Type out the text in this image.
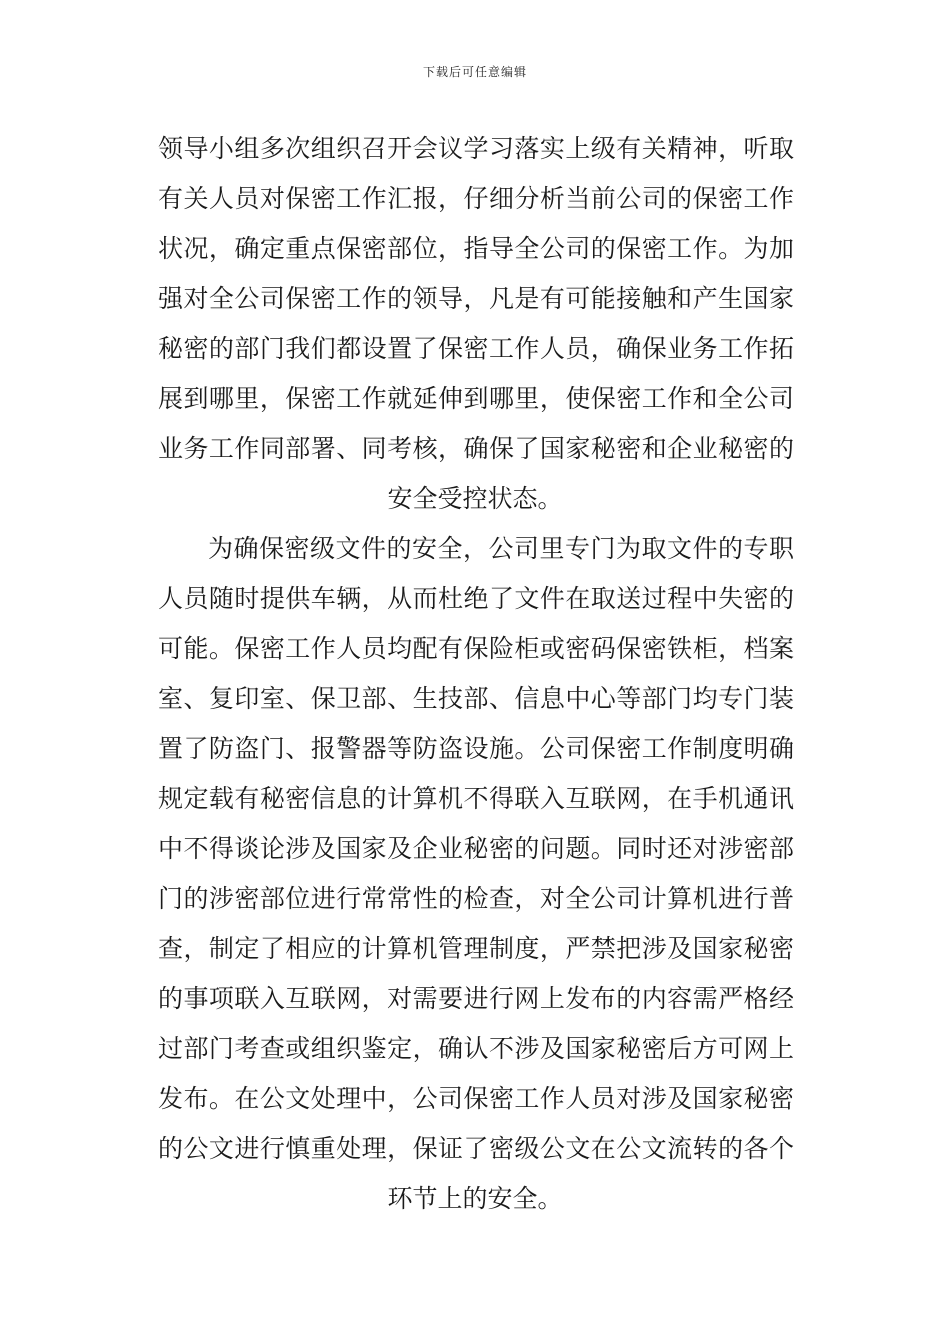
下载后可任意编辑
领导小组多次组织召开会议学习落实上级有关精神，听取
有关人员对保密工作汇报，仔细分析当前公司的保密工作
状况，确定重点保密部位，指导全公司的保密工作。为加
强对全公司保密工作的领导，凡是有可能接触和产生国家
秘密的部门我们都设置了保密工作人员，确保业务工作拓
展到哪里，保密工作就延伸到哪里，使保密工作和全公司
业务工作同部署、同考核，确保了国家秘密和企业秘密的
安全受控状态。
为确保密级文件的安全，公司里专门为取文件的专职
人员随时提供车辆，从而杜绝了文件在取送过程中失密的
可能。保密工作人员均配有保险柜或密码保密铁柜，档案
室、复印室、保卫部、生技部、信息中心等部门均专门装
置了防盗门、报警器等防盗设施。公司保密工作制度明确
规定载有秘密信息的计算机不得联入互联网，在手机通讯
中不得谈论涉及国家及企业秘密的问题。同时还对涉密部
门的涉密部位进行常常性的检查，对全公司计算机进行普
查，制定了相应的计算机管理制度，严禁把涉及国家秘密
的事项联入互联网，对需要进行网上发布的内容需严格经
过部门考查或组织鉴定，确认不涉及国家秘密后方可网上
发布。在公文处理中，公司保密工作人员对涉及国家秘密
的公文进行慎重处理，保证了密级公文在公文流转的各个
环节上的安全。
